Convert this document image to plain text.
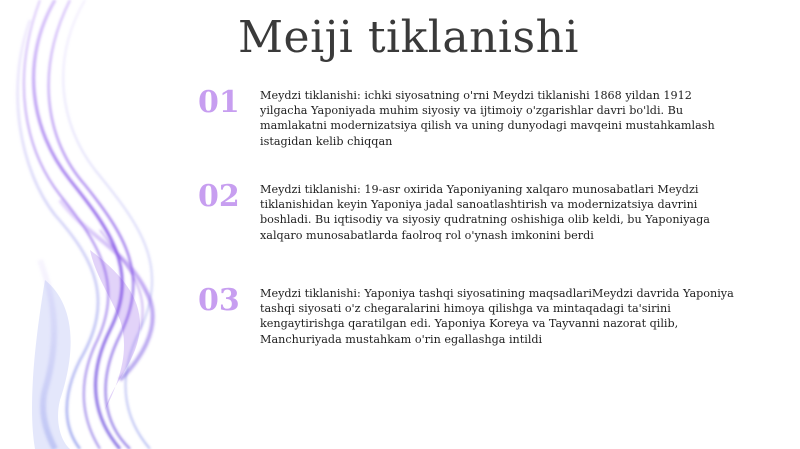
Meiji tiklanishi
01	Meydzi tiklanishi: ichki siyosatning o'rni Meydzi tiklanishi 1868 yildan 1912 yilgacha Yaponiyada muhim siyosiy va ijtimoiy o'zgarishlar davri bo'ldi. Bu mamlakatni modernizatsiya qilish va uning dunyodagi mavqeini mustahkamlash istagidan kelib chiqqan
02	Meydzi tiklanishi: 19-asr oxirida Yaponiyaning xalqaro munosabatlari Meydzi tiklanishidan keyin Yaponiya jadal sanoatlashtirish va modernizatsiya davrini boshladi. Bu iqtisodiy va siyosiy qudratning oshishiga olib keldi, bu Yaponiyaga xalqaro munosabatlarda faolroq rol o'ynash imkonini berdi
03	Meydzi tiklanishi: Yaponiya tashqi siyosatining maqsadlariMeydzi davrida Yaponiya tashqi siyosati o'z chegaralarini himoya qilishga va mintaqadagi ta'sirini kengaytirishga qaratilgan edi. Yaponiya Koreya va Tayvanni nazorat qilib, Manchuriyada mustahkam o'rin egallashga intildi
